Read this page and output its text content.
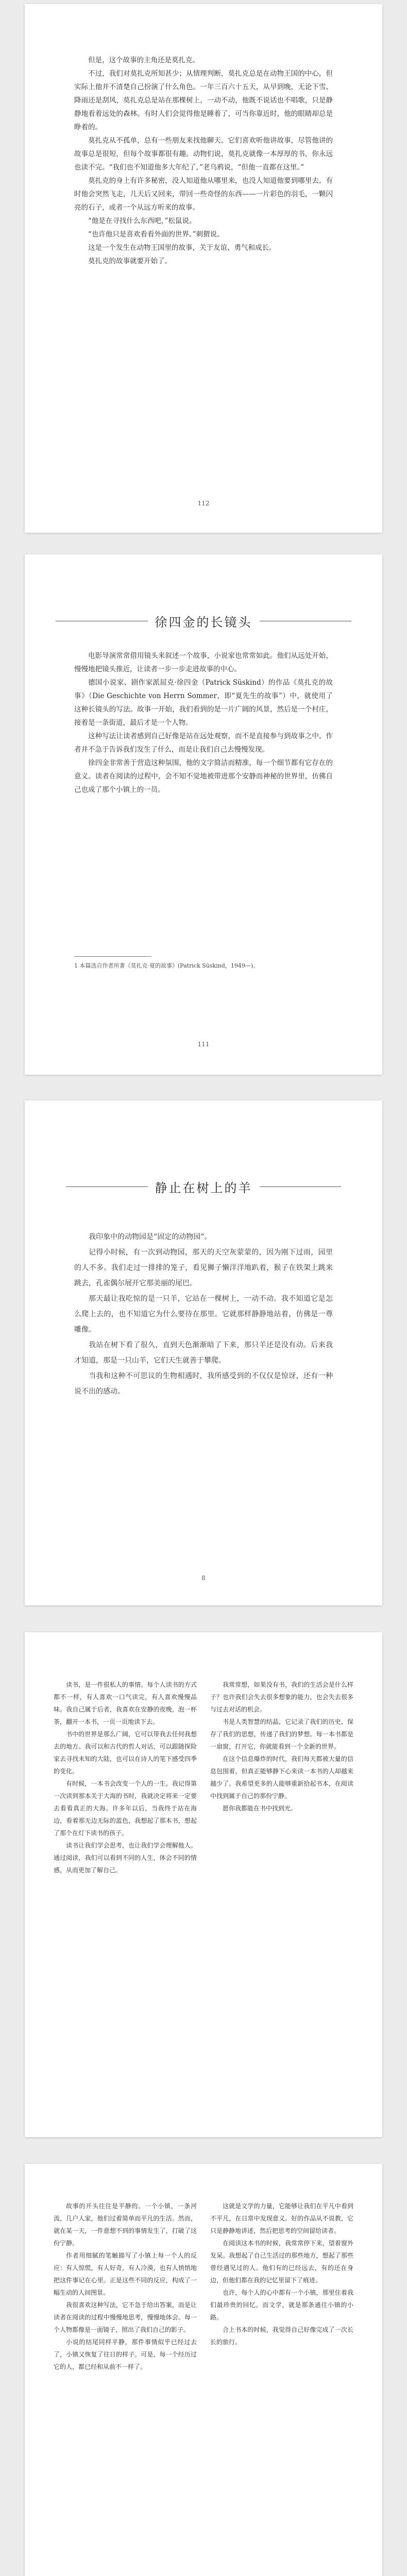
但是，这个故事的主角还是莫扎克。

不过，我们对莫扎克所知甚少；从情理判断，莫扎克总是在动物王国的中心，但实际上他并不清楚自己扮演了什么角色。一年三百六十五天，从早到晚，无论下雪、降雨还是刮风，莫扎克总是站在那棵树上，一动不动，他既不说话也不唱歌，只是静静地看着远处的森林。有时人们会觉得他是睡着了，可当你靠近时，他的眼睛却总是睁着的。

莫扎克从不孤单，总有一些朋友来找他聊天。它们喜欢听他讲故事，尽管他讲的故事总是很短，但每个故事都很有趣。动物们说，莫扎克就像一本厚厚的书，你永远也读不完。“我们也不知道他多大年纪了，”老乌鸦说，“但他一直都在这里。”

莫扎克的身上有许多秘密，没人知道他从哪里来，也没人知道他要到哪里去。有时他会突然飞走，几天后又回来，带回一些奇怪的东西——一片彩色的羽毛，一颗闪亮的石子，或者一个从远方听来的故事。

“他是在寻找什么东西吧，”松鼠说。

“也许他只是喜欢看看外面的世界。”刺猬说。

这是一个发生在动物王国里的故事，关于友谊、勇气和成长。

莫扎克的故事就要开始了。

112
徐四金的长镜头

电影导演常常借用镜头来叙述一个故事，小说家也常常如此。他们从远处开始，慢慢地把镜头推近，让读者一步一步走进故事的中心。

德国小说家、剧作家派屈克·徐四金（Patrick Süskind）的作品《莫扎克的故事》（Die Geschichte von Herrn Sommer，即“夏先生的故事”）中，就使用了这种长镜头的写法。故事一开始，我们看到的是一片广阔的风景，然后是一个村庄，接着是一条街道，最后才是一个人物。

这种写法让读者感到自己好像是站在远处观察，而不是直接参与到故事之中。作者并不急于告诉我们发生了什么，而是让我们自己去慢慢发现。

徐四金非常善于营造这种氛围，他的文字简洁而精准，每一个细节都有它存在的意义。读者在阅读的过程中，会不知不觉地被带进那个安静而神秘的世界里，仿佛自己也成了那个小镇上的一员。

1 本篇选自作者所著《莫扎克·夏的故事》(Patrick Süskind，1949—)。
111
静止在树上的羊

我印象中的动物园是“固定的动物园”。

记得小时候，有一次到动物园，那天的天空灰蒙蒙的，因为刚下过雨，园里的人不多。我们走过一排排的笼子，看见狮子懒洋洋地趴着，猴子在铁架上跳来跳去，孔雀偶尔展开它那美丽的尾巴。

那天最让我吃惊的是一只羊，它站在一棵树上，一动不动。我不知道它是怎么爬上去的，也不知道它为什么要待在那里。它就那样静静地站着，仿佛是一尊雕像。

我站在树下看了很久，直到天色渐渐暗了下来，那只羊还是没有动。后来我才知道，那是一只山羊，它们天生就善于攀爬。

当我和这种不可思议的生物相遇时，我所感受到的不仅仅是惊讶，还有一种说不出的感动。

8

读书，是一件很私人的事情。每个人读书的方式都不一样，有人喜欢一口气读完，有人喜欢慢慢品味。我自己属于后者，我喜欢在安静的夜晚，泡一杯茶，翻开一本书，一页一页地读下去。

书中的世界是那么广阔，它可以带我去任何我想去的地方。我可以和古代的哲人对话，可以跟随探险家去寻找未知的大陆，也可以在诗人的笔下感受四季的变化。

有时候，一本书会改变一个人的一生。我记得第一次读到那本关于大海的书时，我就决定将来一定要去看看真正的大海。许多年以后，当我终于站在海边，看着那无边无际的蓝色，我想起了那本书，想起了那个在灯下读书的孩子。

读书让我们学会思考，也让我们学会理解他人。通过阅读，我们可以看到不同的人生，体会不同的情感，从而更加了解自己。

我常常想，如果没有书，我们的生活会是什么样子？也许我们会失去很多想象的能力，也会失去很多与过去对话的机会。

书是人类智慧的结晶，它记录了我们的历史，保存了我们的思想，传递了我们的梦想。每一本书都是一扇窗，打开它，你就能看到一个全新的世界。

在这个信息爆炸的时代，我们每天都被大量的信息包围着，但真正能够静下心来读一本书的人却越来越少了。我希望更多的人能够重新拾起书本，在阅读中找到属于自己的那份宁静。

愿你我都能在书中找到光。

故事的开头往往是平静的。一个小镇，一条河流，几户人家，他们过着简单而平凡的生活。然而，就在某一天，一件意想不到的事情发生了，打破了这份宁静。

作者用细腻的笔触描写了小镇上每一个人的反应：有人惊慌，有人好奇，有人冷漠，也有人悄悄地把这件事记在心里。正是这些不同的反应，构成了一幅生动的人间图景。

我很喜欢这种写法，它不急于给出答案，而是让读者在阅读的过程中慢慢地思考，慢慢地体会。每一个人物都像是一面镜子，照出了我们自己的影子。

小说的结尾同样平静，那件事情似乎已经过去了，小镇又恢复了往日的样子。可是，每一个经历过它的人，都已经和从前不一样了。

这就是文学的力量，它能够让我们在平凡中看到不平凡，在日常中发现意义。好的作品从不说教，它只是静静地讲述，然后把思考的空间留给读者。

在阅读这本书的时候，我常常停下来，望着窗外发呆。我想起了自己生活过的那些地方，想起了那些曾经遇见过的人。他们有的已经远去，有的还在身边，但他们都在我的记忆里留下了痕迹。

也许，每个人的心中都有一个小镇，那里住着我们最珍贵的回忆。而文学，就是那条通往小镇的小路。

合上书本的时候，我觉得自己好像完成了一次长长的旅行。
